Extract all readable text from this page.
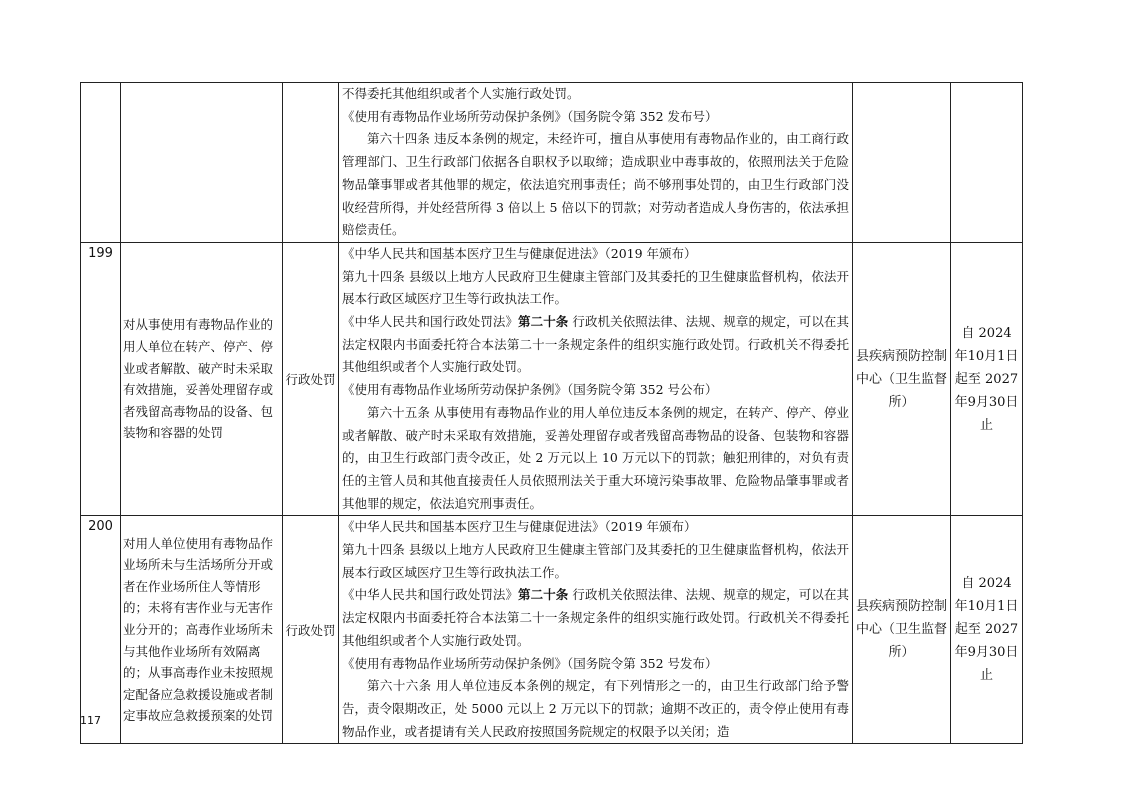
			不得委托其他组织或者个人实施行政处罚。

《使用有毒物品作业场所劳动保护条例》（国务院令第 352 发布号）

第六十四条 违反本条例的规定，未经许可，擅自从事使用有毒物品作业的，由工商行政管理部门、卫生行政部门依据各自职权予以取缔；造成职业中毒事故的，依照刑法关于危险物品肇事罪或者其他罪的规定，依法追究刑事责任；尚不够刑事处罚的，由卫生行政部门没收经营所得，并处经营所得 3 倍以上 5 倍以下的罚款；对劳动者造成人身伤害的，依法承担赔偿责任。		

199	对从事使用有毒物品作业的用人单位在转产、停产、停业或者解散、破产时未采取有效措施，妥善处理留存或者残留高毒物品的设备、包装物和容器的处罚	行政处罚	《中华人民共和国基本医疗卫生与健康促进法》（2019 年颁布）

第九十四条 县级以上地方人民政府卫生健康主管部门及其委托的卫生健康监督机构，依法开展本行政区域医疗卫生等行政执法工作。

《中华人民共和国行政处罚法》第二十条 行政机关依照法律、法规、规章的规定，可以在其法定权限内书面委托符合本法第二十一条规定条件的组织实施行政处罚。行政机关不得委托其他组织或者个人实施行政处罚。

《使用有毒物品作业场所劳动保护条例》（国务院令第 352 号公布）

第六十五条 从事使用有毒物品作业的用人单位违反本条例的规定，在转产、停产、停业或者解散、破产时未采取有效措施，妥善处理留存或者残留高毒物品的设备、包装物和容器的，由卫生行政部门责令改正，处 2 万元以上 10 万元以下的罚款；触犯刑律的，对负有责任的主管人员和其他直接责任人员依照刑法关于重大环境污染事故罪、危险物品肇事罪或者其他罪的规定，依法追究刑事责任。	县疾病预防控制中心（卫生监督所）	自 2024 年10月1日起至 2027 年9月30日止
200	对用人单位使用有毒物品作业场所未与生活场所分开或者在作业场所住人等情形的；未将有害作业与无害作业分开的；高毒作业场所未与其他作业场所有效隔离的；从事高毒作业未按照规定配备应急救援设施或者制定事故应急救援预案的处罚	行政处罚	《中华人民共和国基本医疗卫生与健康促进法》（2019 年颁布）

第九十四条 县级以上地方人民政府卫生健康主管部门及其委托的卫生健康监督机构，依法开展本行政区域医疗卫生等行政执法工作。

《中华人民共和国行政处罚法》第二十条 行政机关依照法律、法规、规章的规定，可以在其法定权限内书面委托符合本法第二十一条规定条件的组织实施行政处罚。行政机关不得委托其他组织或者个人实施行政处罚。

《使用有毒物品作业场所劳动保护条例》（国务院令第 352 号发布）

第六十六条 用人单位违反本条例的规定，有下列情形之一的，由卫生行政部门给予警告，责令限期改正，处 5000 元以上 2 万元以下的罚款；逾期不改正的，责令停止使用有毒物品作业，或者提请有关人民政府按照国务院规定的权限予以关闭；造	县疾病预防控制中心（卫生监督所）	自 2024 年10月1日起至 2027 年9月30日止
117
